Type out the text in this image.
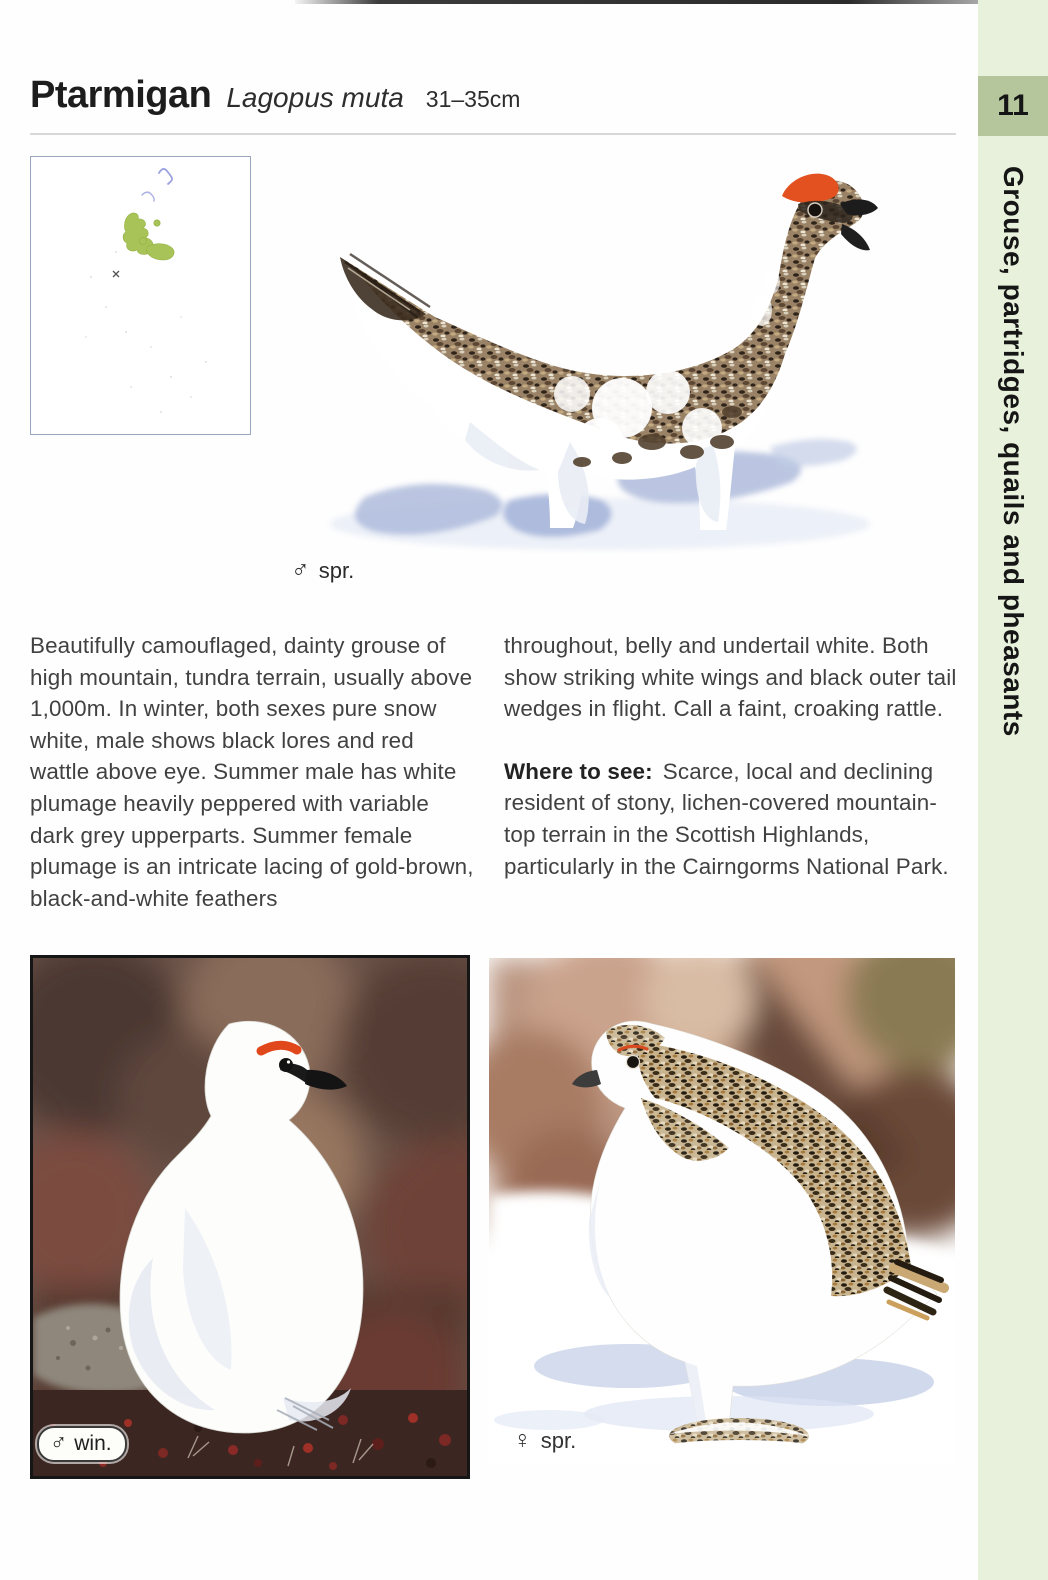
Ptarmigan Lagopus muta 31–35cm	11
Grouse, partridges, quails and pheasants
♂ spr.

Beautifully camouflaged, dainty grouse of high mountain, tundra terrain, usually above 1,000m. In winter, both sexes pure snow white, male shows black lores and red wattle above eye. Summer male has white plumage heavily peppered with variable dark grey upperparts. Summer female plumage is an intricate lacing of gold-brown, black-and-white feathers

throughout, belly and undertail white. Both show striking white wings and black outer tail wedges in flight. Call a faint, croaking rattle.

Where to see: Scarce, local and declining resident of stony, lichen-covered mountain-top terrain in the Scottish Highlands, particularly in the Cairngorms National Park.

♂ win.	♀ spr.
